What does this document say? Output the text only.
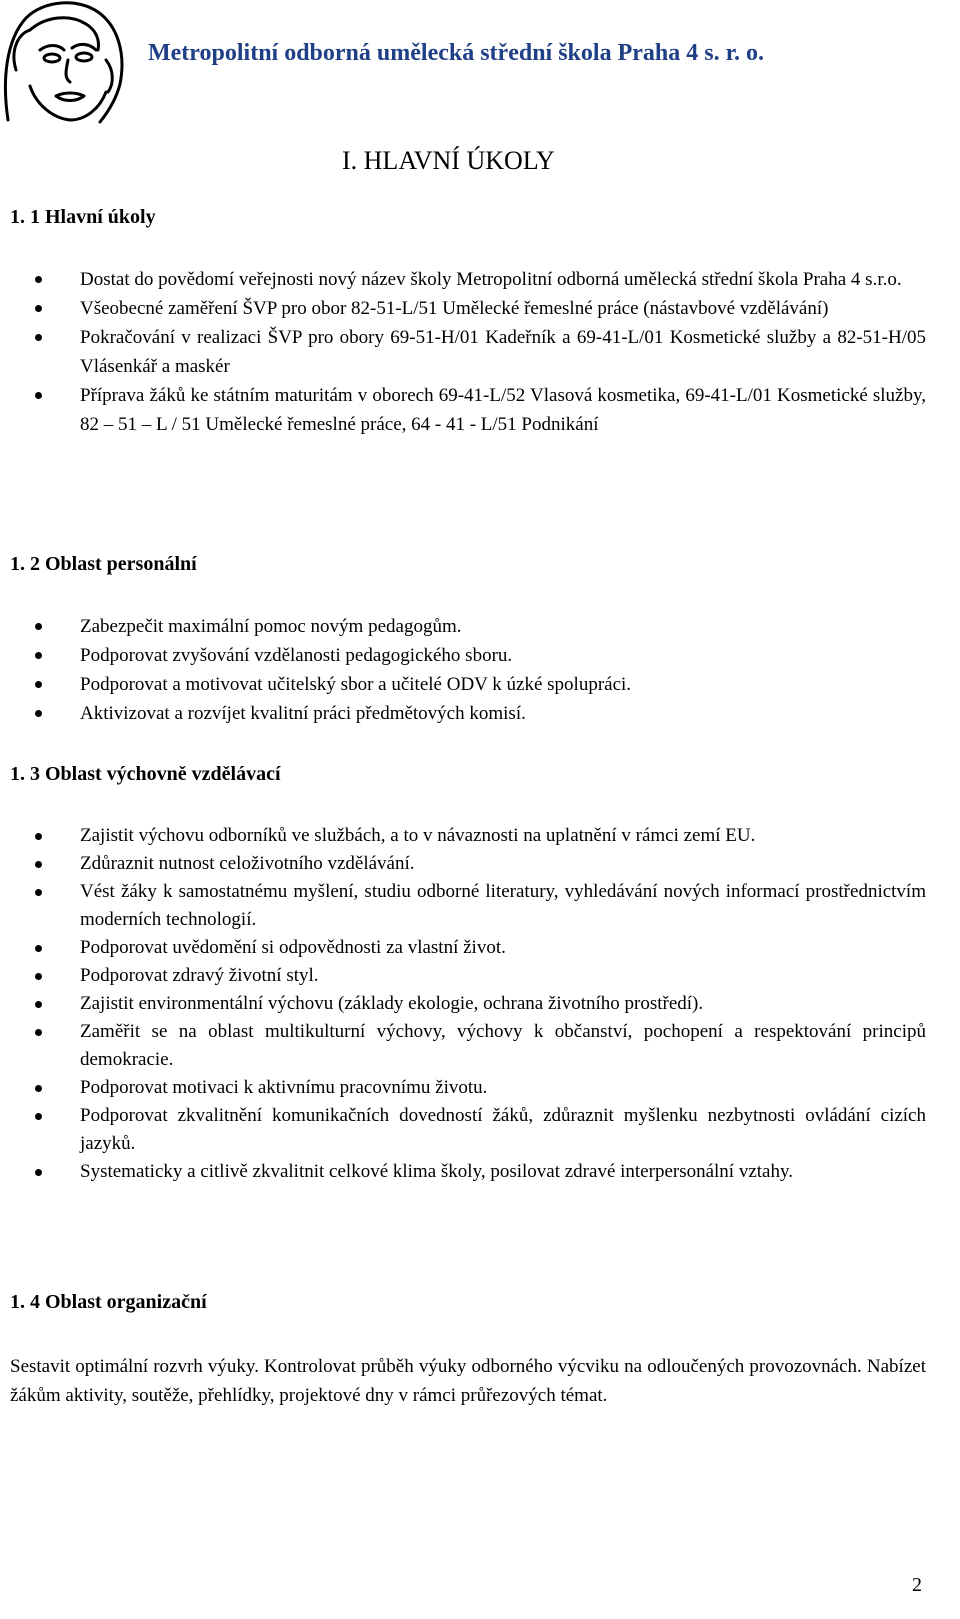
Metropolitní odborná umělecká střední škola Praha 4 s. r. o.
I. HLAVNÍ ÚKOLY
1. 1 Hlavní úkoly
Dostat do povědomí veřejnosti nový název školy Metropolitní odborná umělecká střední škola Praha 4 s.r.o.
Všeobecné zaměření ŠVP pro obor 82-51-L/51 Umělecké řemeslné práce (nástavbové vzdělávání)
Pokračování v realizaci ŠVP pro obory 69-51-H/01 Kadeřník a 69-41-L/01 Kosmetické služby a 82-51-H/05 Vlásenkář a maskér
Příprava žáků ke státním maturitám v oborech 69-41-L/52 Vlasová kosmetika, 69-41-L/01 Kosmetické služby, 82 – 51 – L / 51 Umělecké řemeslné práce, 64 - 41 - L/51 Podnikání
1. 2 Oblast personální
Zabezpečit maximální pomoc novým pedagogům.
Podporovat zvyšování vzdělanosti pedagogického sboru.
Podporovat a motivovat učitelský sbor a učitelé ODV k úzké spolupráci.
Aktivizovat a rozvíjet kvalitní práci předmětových komisí.
1. 3 Oblast výchovně vzdělávací
Zajistit výchovu odborníků ve službách, a to v návaznosti na uplatnění v rámci zemí EU.
Zdůraznit nutnost celoživotního vzdělávání.
Vést žáky k samostatnému myšlení, studiu odborné literatury, vyhledávání nových informací prostřednictvím moderních technologií.
Podporovat uvědomění si odpovědnosti za vlastní život.
Podporovat zdravý životní styl.
Zajistit environmentální výchovu (základy ekologie, ochrana životního prostředí).
Zaměřit se na oblast multikulturní výchovy, výchovy k občanství, pochopení a respektování principů demokracie.
Podporovat motivaci k aktivnímu pracovnímu životu.
Podporovat zkvalitnění komunikačních dovedností žáků, zdůraznit myšlenku nezbytnosti ovládání cizích jazyků.
Systematicky a citlivě zkvalitnit celkové klima školy, posilovat zdravé interpersonální vztahy.
1. 4 Oblast organizační
Sestavit optimální rozvrh výuky. Kontrolovat průběh výuky odborného výcviku na odloučených provozovnách. Nabízet žákům aktivity, soutěže, přehlídky, projektové dny v rámci průřezových témat.
2
